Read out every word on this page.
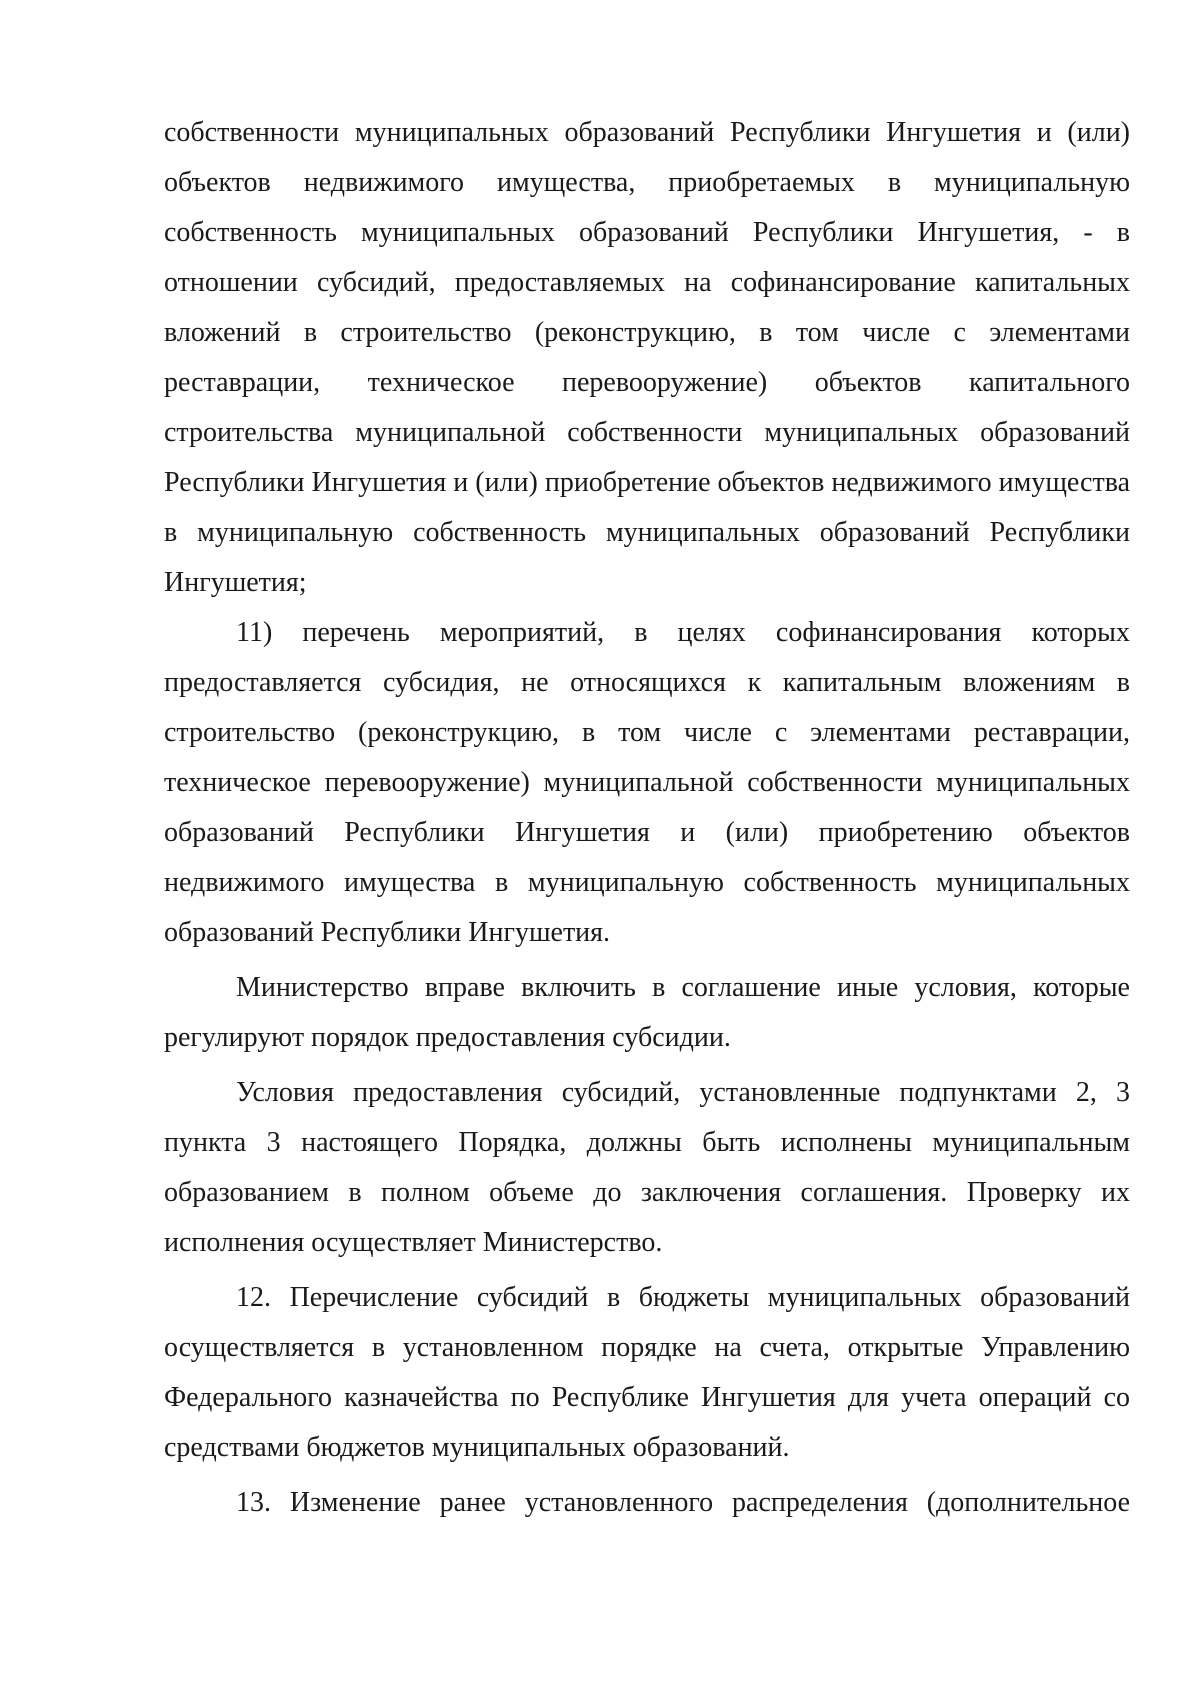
собственности муниципальных образований Республики Ингушетия и (или) объектов недвижимого имущества, приобретаемых в муниципальную собственность муниципальных образований Республики Ингушетия, - в отношении субсидий, предоставляемых на софинансирование капитальных вложений в строительство (реконструкцию, в том числе с элементами реставрации, техническое перевооружение) объектов капитального строительства муниципальной собственности муниципальных образований Республики Ингушетия и (или) приобретение объектов недвижимого имущества в муниципальную собственность муниципальных образований Республики Ингушетия;

11) перечень мероприятий, в целях софинансирования которых предоставляется субсидия, не относящихся к капитальным вложениям в строительство (реконструкцию, в том числе с элементами реставрации, техническое перевооружение) муниципальной собственности муниципальных образований Республики Ингушетия и (или) приобретению объектов недвижимого имущества в муниципальную собственность муниципальных образований Республики Ингушетия.

Министерство вправе включить в соглашение иные условия, которые регулируют порядок предоставления субсидии.

Условия предоставления субсидий, установленные подпунктами 2, 3 пункта 3 настоящего Порядка, должны быть исполнены муниципальным образованием в полном объеме до заключения соглашения. Проверку их исполнения осуществляет Министерство.

12. Перечисление субсидий в бюджеты муниципальных образований осуществляется в установленном порядке на счета, открытые Управлению Федерального казначейства по Республике Ингушетия для учета операций со средствами бюджетов муниципальных образований.

13. Изменение ранее установленного распределения (дополнительное
